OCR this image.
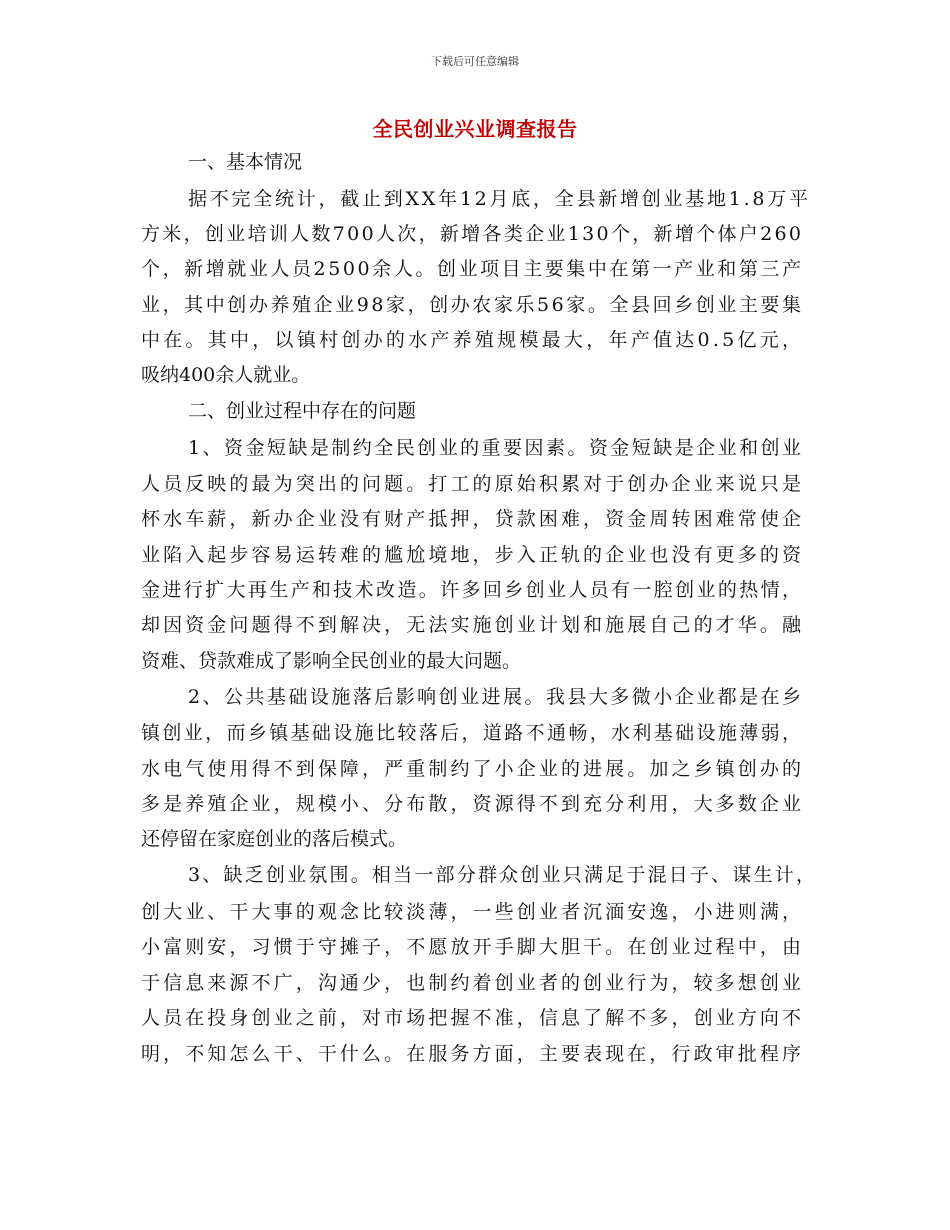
下载后可任意编辑
全民创业兴业调查报告
一、基本情况
据不完全统计，截止到XX年12月底，全县新增创业基地1.8万平
方米，创业培训人数700人次，新增各类企业130个，新增个体户260
个，新增就业人员2500余人。创业项目主要集中在第一产业和第三产
业，其中创办养殖企业98家，创办农家乐56家。全县回乡创业主要集
中在。其中，以镇村创办的水产养殖规模最大，年产值达0.5亿元，
吸纳400余人就业。
二、创业过程中存在的问题
1、资金短缺是制约全民创业的重要因素。资金短缺是企业和创业
人员反映的最为突出的问题。打工的原始积累对于创办企业来说只是
杯水车薪，新办企业没有财产抵押，贷款困难，资金周转困难常使企
业陷入起步容易运转难的尴尬境地，步入正轨的企业也没有更多的资
金进行扩大再生产和技术改造。许多回乡创业人员有一腔创业的热情，
却因资金问题得不到解决，无法实施创业计划和施展自己的才华。融
资难、贷款难成了影响全民创业的最大问题。
2、公共基础设施落后影响创业进展。我县大多微小企业都是在乡
镇创业，而乡镇基础设施比较落后，道路不通畅，水利基础设施薄弱，
水电气使用得不到保障，严重制约了小企业的进展。加之乡镇创办的
多是养殖企业，规模小、分布散，资源得不到充分利用，大多数企业
还停留在家庭创业的落后模式。
3、缺乏创业氛围。相当一部分群众创业只满足于混日子、谋生计，
创大业、干大事的观念比较淡薄，一些创业者沉湎安逸，小进则满，
小富则安，习惯于守摊子，不愿放开手脚大胆干。在创业过程中，由
于信息来源不广，沟通少，也制约着创业者的创业行为，较多想创业
人员在投身创业之前，对市场把握不准，信息了解不多，创业方向不
明，不知怎么干、干什么。在服务方面，主要表现在，行政审批程序
